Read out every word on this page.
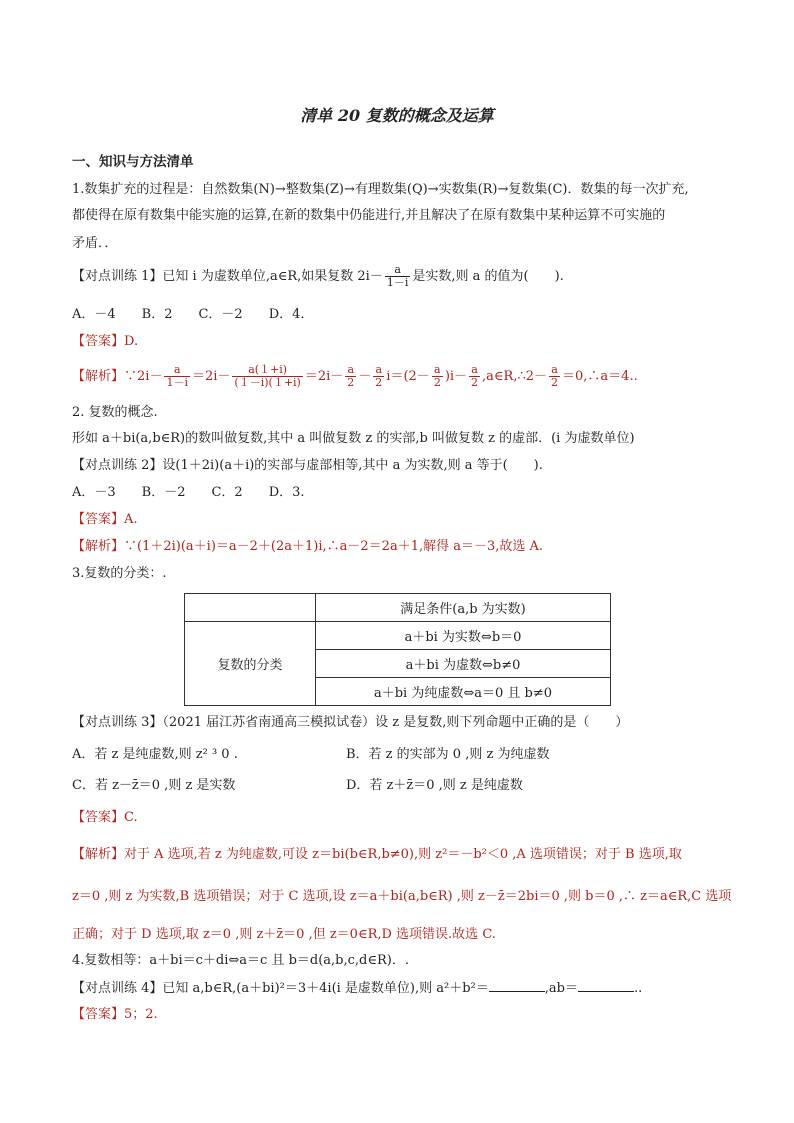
清单 20 复数的概念及运算
一、知识与方法清单
1.数集扩充的过程是：自然数集(N)→整数集(Z)→有理数集(Q)→实数集(R)→复数集(C)．数集的每一次扩充,
都使得在原有数集中能实施的运算,在新的数集中仍能进行,并且解决了在原有数集中某种运算不可实施的
矛盾．．
【对点训练 1】已知 i 为虚数单位,a∈R,如果复数 $2i- \frac{a}{1-i}$ 是实数,则 a 的值为(　　).
A．－4　　B．2　　C．－2　　D．4．
【答案】D.
【解析】∵2i－ $\frac{a}{1-i} =2i- \frac{a(1+i)}{(1-i)(1+i)} =2i- \frac{a}{2} - \frac{a}{2} i=(2- \frac{a}{2} )i- \frac{a}{2}$ ,a∈R,∴2－ $\frac{a}{2}$ ＝0,∴a＝4..
2. 复数的概念.
形如 a＋bi(a,b∈R)的数叫做复数,其中 a 叫做复数 z 的实部,b 叫做复数 z 的虚部．(i 为虚数单位)
【对点训练 2】设(1＋2i)(a＋i)的实部与虚部相等,其中 a 为实数,则 a 等于(　　).
A．－3　　B．－2　　C．2　　D．3.
【答案】A.
【解析】∵(1＋2i)(a＋i)＝a－2＋(2a＋1)i,∴a－2＝2a＋1,解得 a＝－3,故选 A.
3.复数的分类：.
	满足条件(a,b 为实数)
复数的分类	a＋bi 为实数⇔b＝0
	a＋bi 为虚数⇔b≠0
	a＋bi 为纯虚数⇔a＝0 且 b≠0
【对点训练 3】（2021 届江苏省南通高三模拟试卷）设 z 是复数,则下列命题中正确的是（　　）
A．若 z 是纯虚数,则 z² ³ 0 .	B．若 z 的实部为 0 ,则 z 为纯虚数
C．若 z－z̄＝0 ,则 z 是实数	D．若 z＋z̄＝0 ,则 z 是纯虚数
【答案】C.
【解析】对于 A 选项,若 z 为纯虚数,可设 z＝bi(b∈R,b≠0),则 z²＝－b²＜0 ,A 选项错误；对于 B 选项,取
z＝0 ,则 z 为实数,B 选项错误；对于 C 选项,设 z＝a＋bi(a,b∈R) ,则 z－z̄＝2bi＝0 ,则 b＝0 ,∴ z＝a∈R,C 选项
正确；对于 D 选项,取 z＝0 ,则 z＋z̄＝0 ,但 z＝0∈R,D 选项错误.故选 C.
4.复数相等：a＋bi＝c＋di⇔a＝c 且 b＝d(a,b,c,d∈R)．.
【对点训练 4】已知 a,b∈R,(a＋bi)²＝3＋4i(i 是虚数单位),则 a²＋b²＝	,ab＝	..
【答案】5；2.
